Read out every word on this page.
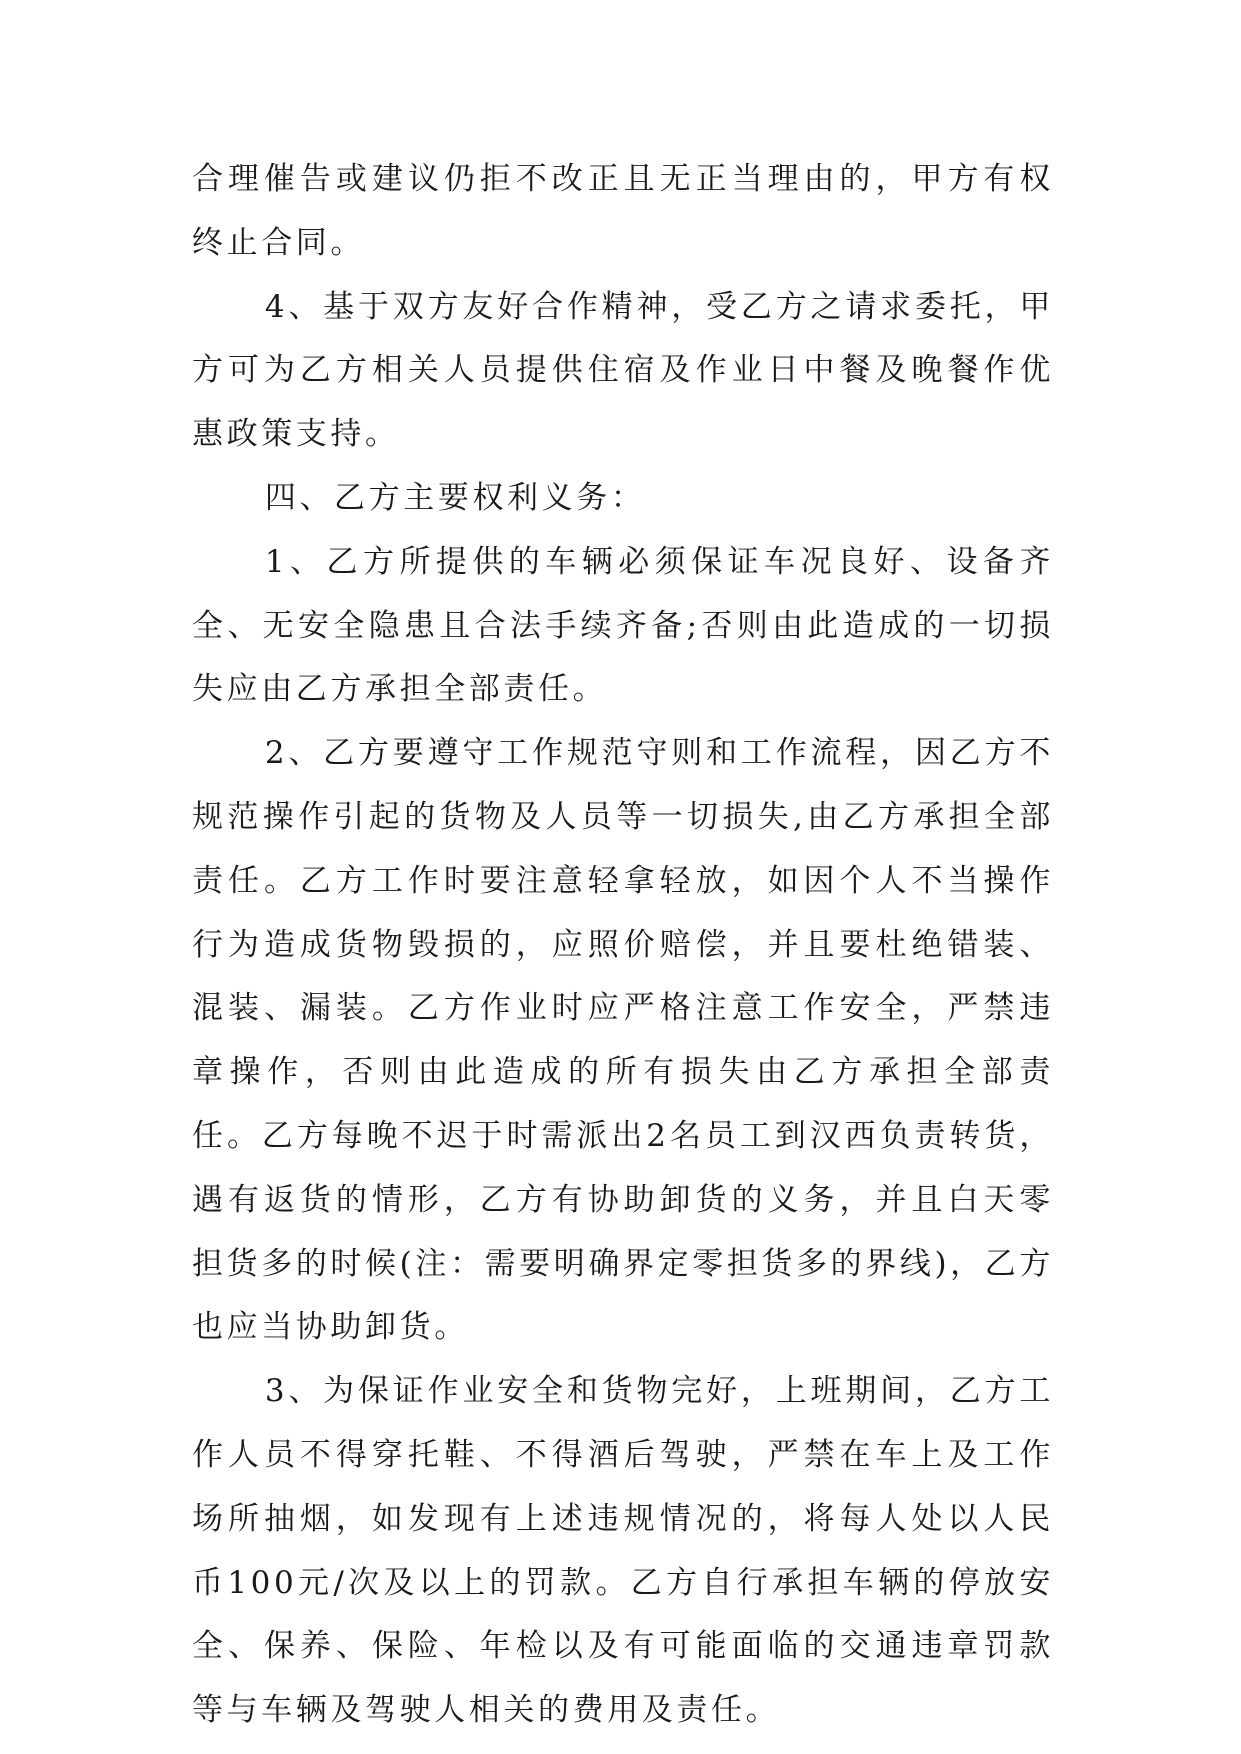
合理催告或建议仍拒不改正且无正当理由的，甲方有权终止合同。

4、基于双方友好合作精神，受乙方之请求委托，甲方可为乙方相关人员提供住宿及作业日中餐及晚餐作优惠政策支持。

四、乙方主要权利义务：

1、乙方所提供的车辆必须保证车况良好、设备齐全、无安全隐患且合法手续齐备;否则由此造成的一切损失应由乙方承担全部责任。

2、乙方要遵守工作规范守则和工作流程，因乙方不规范操作引起的货物及人员等一切损失,由乙方承担全部责任。乙方工作时要注意轻拿轻放，如因个人不当操作行为造成货物毁损的，应照价赔偿，并且要杜绝错装、混装、漏装。乙方作业时应严格注意工作安全，严禁违章操作，否则由此造成的所有损失由乙方承担全部责任。乙方每晚不迟于时需派出2名员工到汉西负责转货，遇有返货的情形，乙方有协助卸货的义务，并且白天零担货多的时候(注：需要明确界定零担货多的界线)，乙方也应当协助卸货。

3、为保证作业安全和货物完好，上班期间，乙方工作人员不得穿托鞋、不得酒后驾驶，严禁在车上及工作场所抽烟，如发现有上述违规情况的，将每人处以人民币100元/次及以上的罚款。乙方自行承担车辆的停放安全、保养、保险、年检以及有可能面临的交通违章罚款等与车辆及驾驶人相关的费用及责任。
